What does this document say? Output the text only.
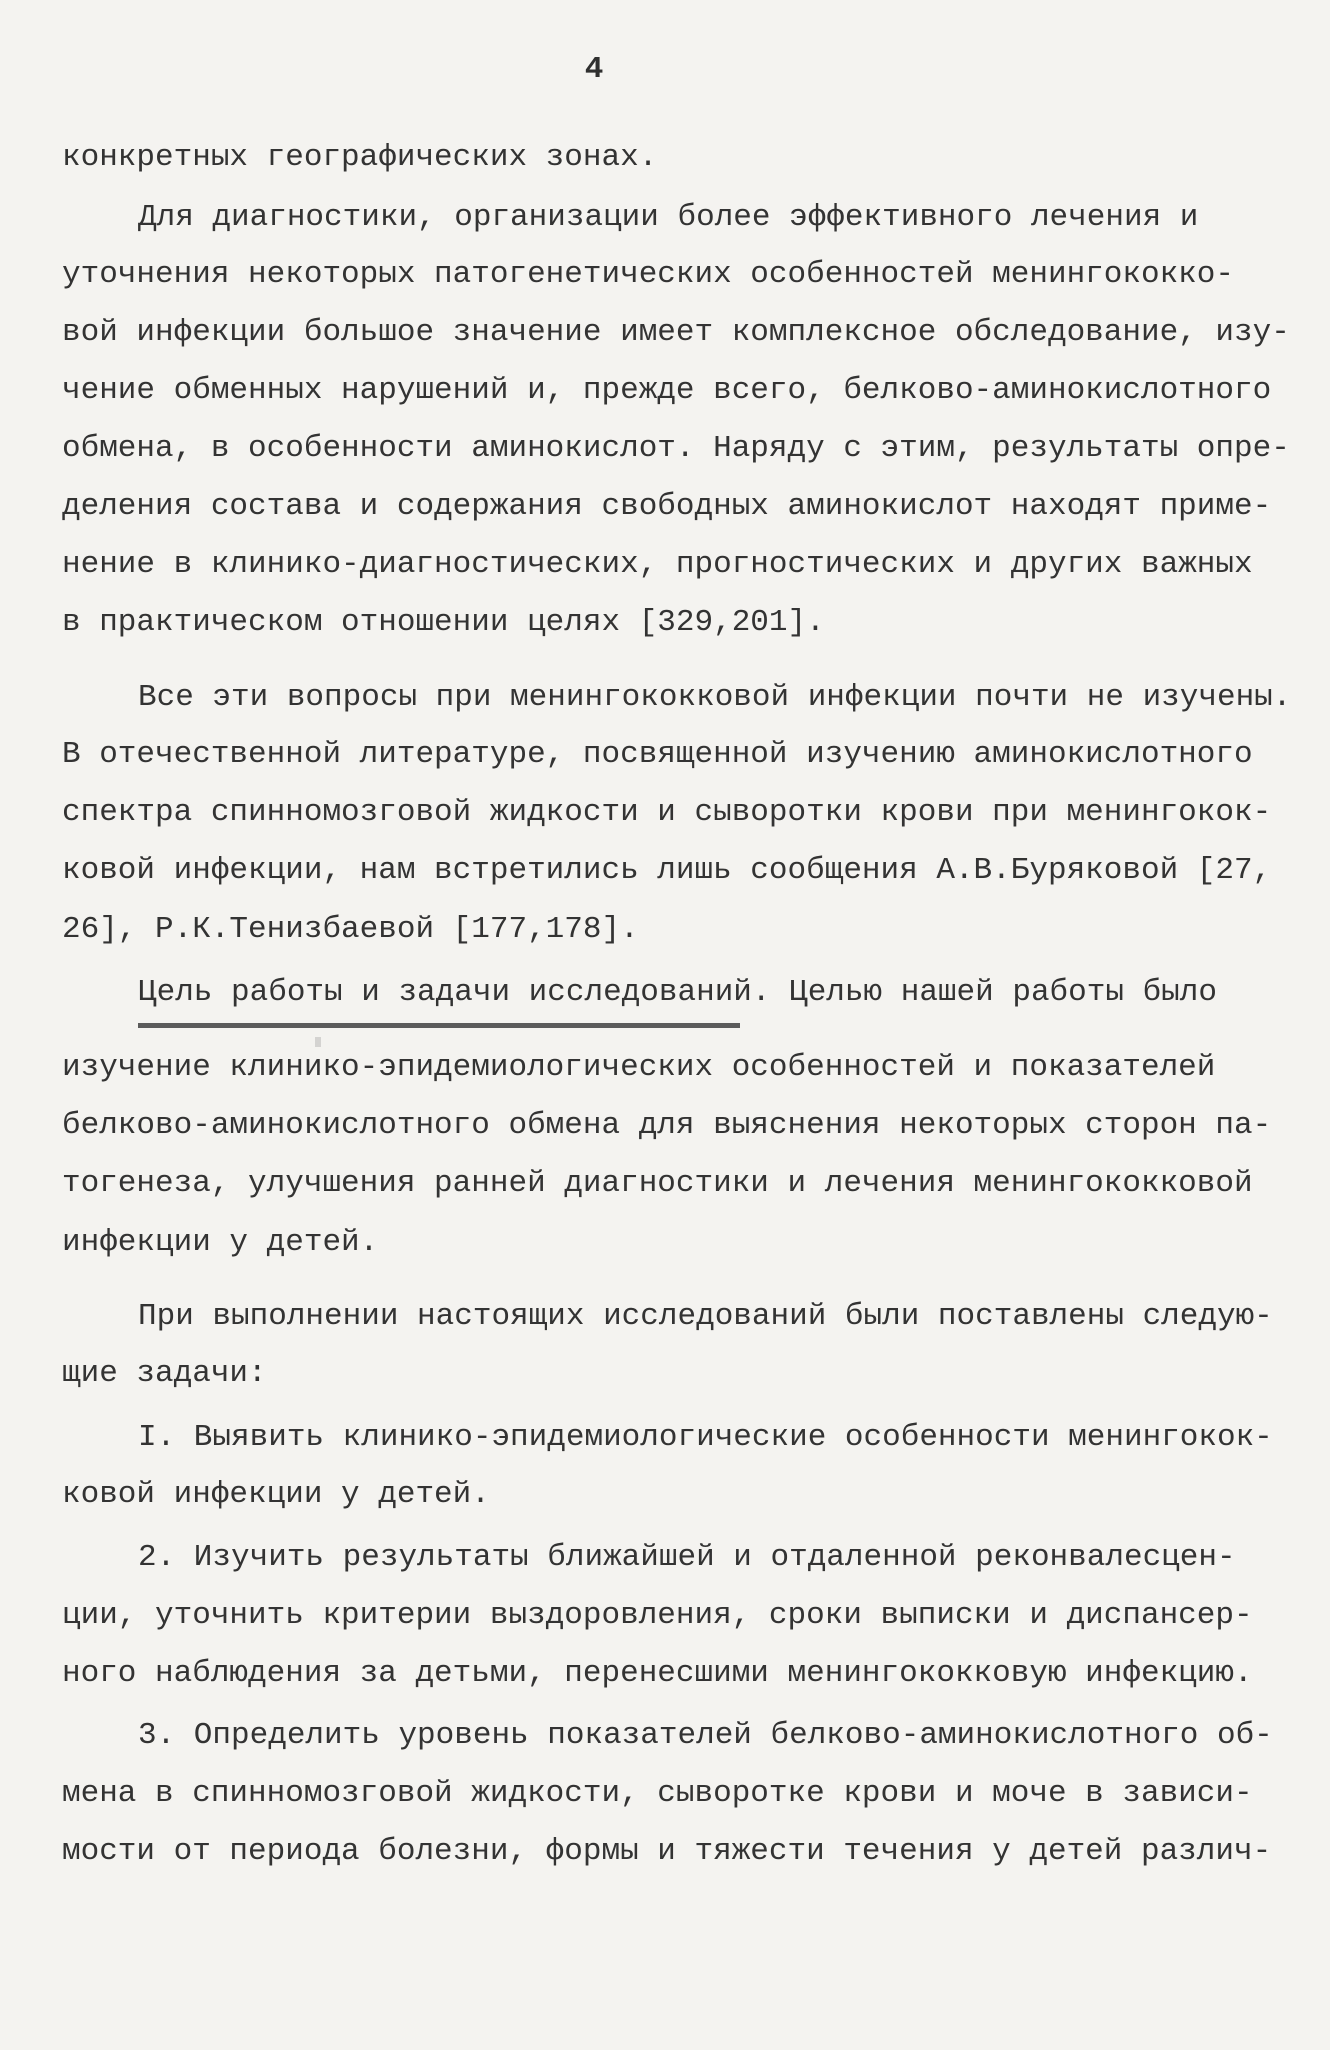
4
конкретных географических зонах.
Для диагностики, организации более эффективного лечения и
уточнения некоторых патогенетических особенностей менингококко-
вой инфекции большое значение имеет комплексное обследование, изу-
чение обменных нарушений и, прежде всего, белково-аминокислотного
обмена, в особенности аминокислот. Наряду с этим, результаты опре-
деления состава и содержания свободных аминокислот находят приме-
нение в клинико-диагностических, прогностических и других важных
в практическом отношении целях [329,201].
Все эти вопросы при менингококковой инфекции почти не изучены.
В отечественной литературе, посвященной изучению аминокислотного
спектра спинномозговой жидкости и сыворотки крови при менингокок-
ковой инфекции, нам встретились лишь сообщения А.В.Буряковой [27,
26], Р.К.Тенизбаевой [177,178].
Цель работы и задачи исследований. Целью нашей работы было
изучение клинико-эпидемиологических особенностей и показателей
белково-аминокислотного обмена для выяснения некоторых сторон па-
тогенеза, улучшения ранней диагностики и лечения менингококковой
инфекции у детей.
При выполнении настоящих исследований были поставлены следую-
щие задачи:
I. Выявить клинико-эпидемиологические особенности менингокок-
ковой инфекции у детей.
2. Изучить результаты ближайшей и отдаленной реконвалесцен-
ции, уточнить критерии выздоровления, сроки выписки и диспансер-
ного наблюдения за детьми, перенесшими менингококковую инфекцию.
3. Определить уровень показателей белково-аминокислотного об-
мена в спинномозговой жидкости, сыворотке крови и моче в зависи-
мости от периода болезни, формы и тяжести течения у детей различ-
